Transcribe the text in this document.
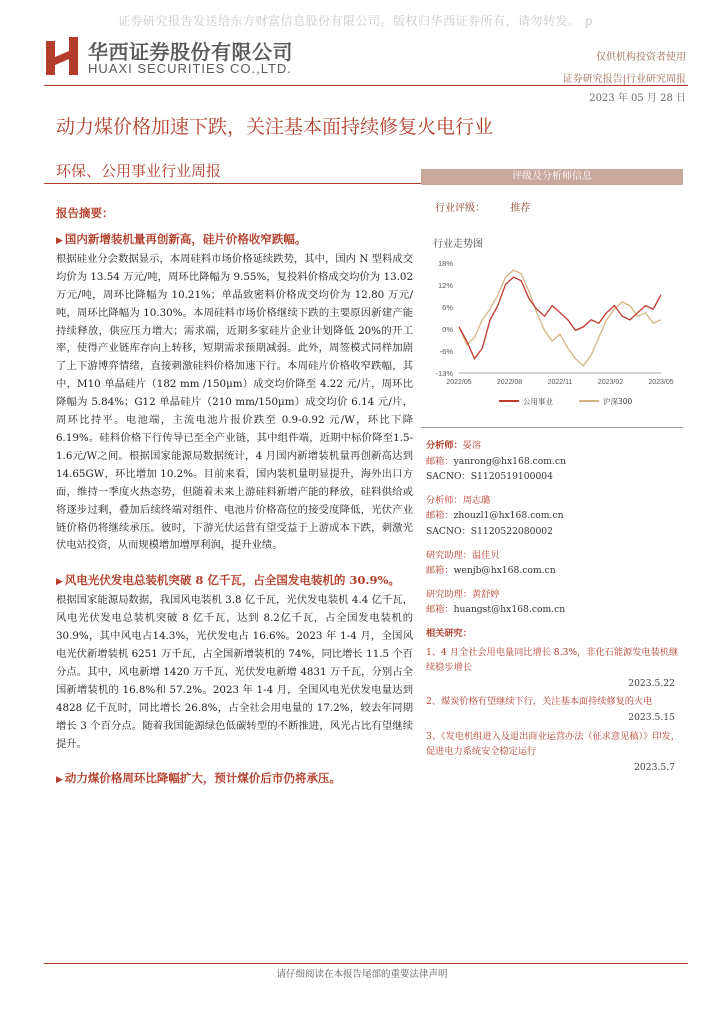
证券研究报告发送给东方财富信息股份有限公司。版权归华西证券所有，请勿转发。 p
华西证券股份有限公司
HUAXI SECURITIES CO.,LTD.
仅供机构投资者使用
证券研究报告|行业研究周报
2023 年 05 月 28 日
动力煤价格加速下跌，关注基本面持续修复火电行业
环保、公用事业行业周报

报告摘要：

▶ 国内新增装机量再创新高，硅片价格收窄跌幅。

根据硅业分会数据显示，本周硅料市场价格延续跌势，其中，国内 N 型料成交均价为 13.54 万元/吨，周环比降幅为 9.55%，复投料价格成交均价为 13.02 万元/吨，周环比降幅为 10.21%；单晶致密料价格成交均价为 12.80 万元/吨，周环比降幅为 10.30%。本周硅料市场价格继续下跌的主要原因新建产能持续释放，供应压力增大；需求端，近期多家硅片企业计划降低 20%的开工率，使得产业链库存向上转移，短期需求预期减弱。此外，周签模式同样加剧了上下游博弈情绪，直接刺激硅料价格加速下行。本周硅片价格收窄跌幅，其中，M10 单晶硅片（182 mm /150μm）成交均价降至 4.22 元/片，周环比降幅为 5.84%；G12 单晶硅片（210 mm/150μm）成交均价 6.14 元/片，周环比持平。电池端，主流电池片报价跌至 0.9-0.92 元/W，环比下降 6.19%。硅料价格下行传导已至全产业链，其中组件端，近期中标价降至1.5-1.6元/W之间。根据国家能源局数据统计，4 月国内新增装机量再创新高达到 14.65GW，环比增加 10.2%。目前来看，国内装机量明显提升，海外出口方面，维持一季度火热态势，但随着未来上游硅料新增产能的释放，硅料供给或将逐步过剩，叠加后续终端对组件、电池片价格高位的接受度降低，光伏产业链价格仍将继续承压。彼时，下游光伏运营有望受益于上游成本下跌，刺激光伏电站投资，从而规模增加增厚利润，提升业绩。

▶ 风电光伏发电总装机突破 8 亿千瓦，占全国发电装机的 30.9%。

根据国家能源局数据，我国风电装机 3.8 亿千瓦，光伏发电装机 4.4 亿千瓦，风电光伏发电总装机突破 8 亿千瓦，达到 8.2亿千瓦，占全国发电装机的30.9%，其中风电占14.3%，光伏发电占 16.6%。2023 年 1-4 月，全国风电光伏新增装机 6251 万千瓦，占全国新增装机的 74%，同比增长 11.5 个百分点。其中，风电新增 1420 万千瓦、光伏发电新增 4831 万千瓦，分别占全国新增装机的 16.8%和 57.2%。2023 年 1-4 月，全国风电光伏发电量达到 4828 亿千瓦时，同比增长 26.8%，占全社会用电量的 17.2%，较去年同期增长 3 个百分点。随着我国能源绿色低碳转型的不断推进，风光占比有望继续提升。

▶ 动力煤价格周环比降幅扩大，预计煤价后市仍将承压。

评级及分析师信息
行业评级：	推荐
行业走势图
18%
12%
6%
0%
-6%
-13%
2022/05	2022/08	2022/11	2023/02	2023/05
公用事业	沪深300
分析师：晏溶
邮箱：yanrong@hx168.com.cn
SACNO：S1120519100004
分析师：周志璐
邮箱：zhouzl1@hx168.com.cn
SACNO：S1120522080002
研究助理：温佳贝
邮箱：wenjb@hx168.com.cn
研究助理：黄舒婷
邮箱：huangst@hx168.com.cn
相关研究：
1、4 月全社会用电量同比增长 8.3%，非化石能源发电装机继续稳步增长
2023.5.22
2、煤炭价格有望继续下行，关注基本面持续修复的火电
2023.5.15
3、《发电机组进入及退出商业运营办法（征求意见稿）》印发，促进电力系统安全稳定运行
2023.5.7
请仔细阅读在本报告尾部的重要法律声明
